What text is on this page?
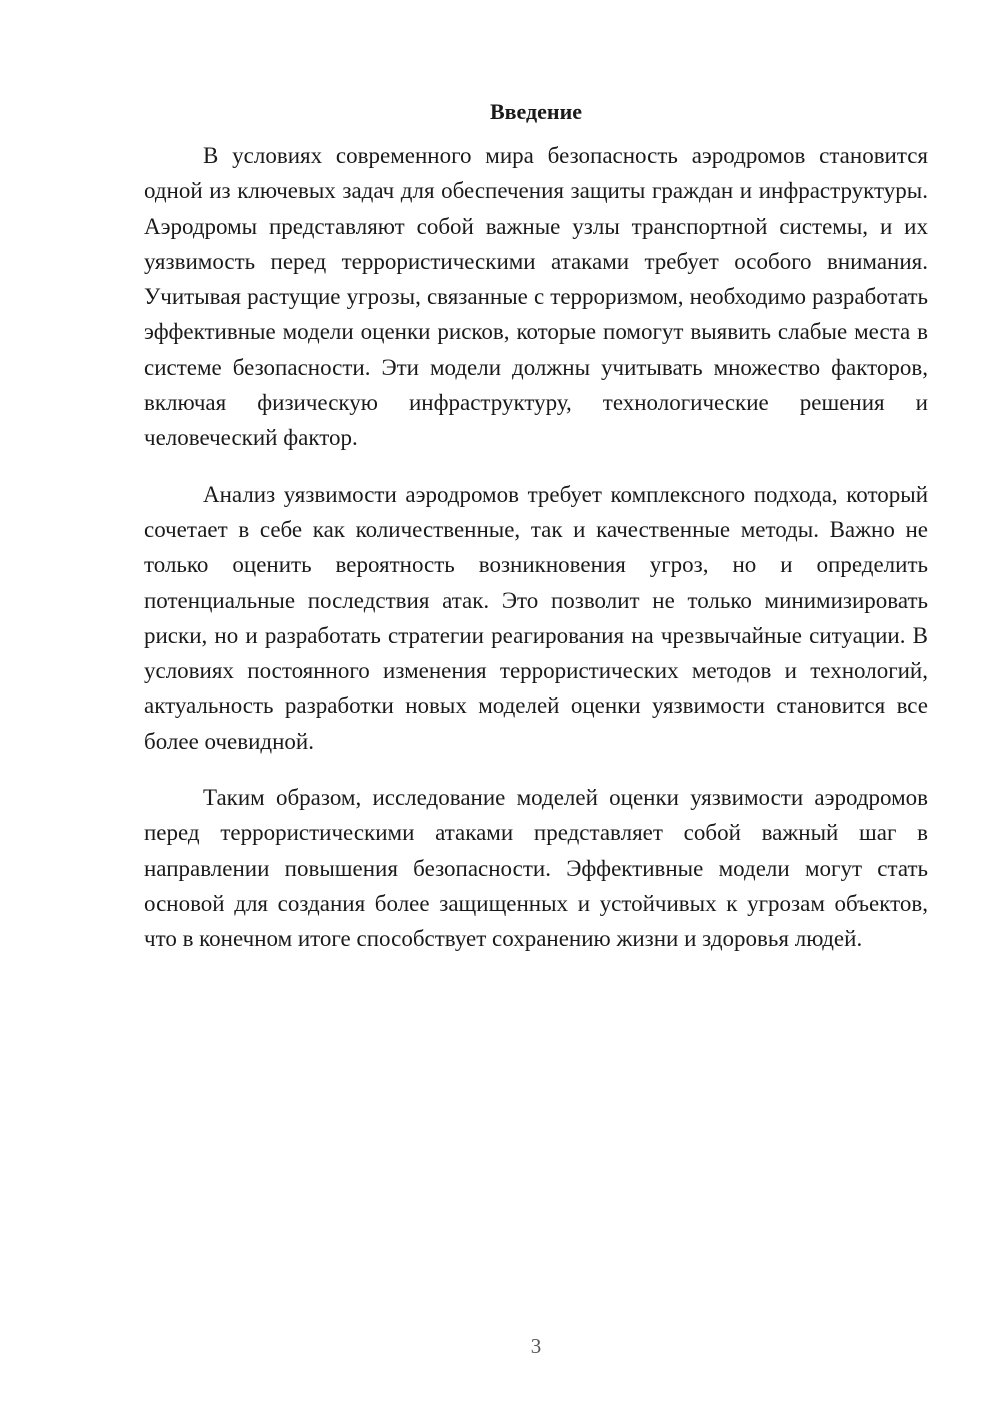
Введение

В условиях современного мира безопасность аэродромов становится одной из ключевых задач для обеспечения защиты граждан и инфраструктуры. Аэродромы представляют собой важные узлы транспортной системы, и их уязвимость перед террористическими атаками требует особого внимания. Учитывая растущие угрозы, связанные с терроризмом, необходимо разработать эффективные модели оценки рисков, которые помогут выявить слабые места в системе безопасности. Эти модели должны учитывать множество факторов, включая физическую инфраструктуру, технологические решения и человеческий фактор.

Анализ уязвимости аэродромов требует комплексного подхода, который сочетает в себе как количественные, так и качественные методы. Важно не только оценить вероятность возникновения угроз, но и определить потенциальные последствия атак. Это позволит не только минимизировать риски, но и разработать стратегии реагирования на чрезвычайные ситуации. В условиях постоянного изменения террористических методов и технологий, актуальность разработки новых моделей оценки уязвимости становится все более очевидной.

Таким образом, исследование моделей оценки уязвимости аэродромов перед террористическими атаками представляет собой важный шаг в направлении повышения безопасности. Эффективные модели могут стать основой для создания более защищенных и устойчивых к угрозам объектов, что в конечном итоге способствует сохранению жизни и здоровья людей.

3
